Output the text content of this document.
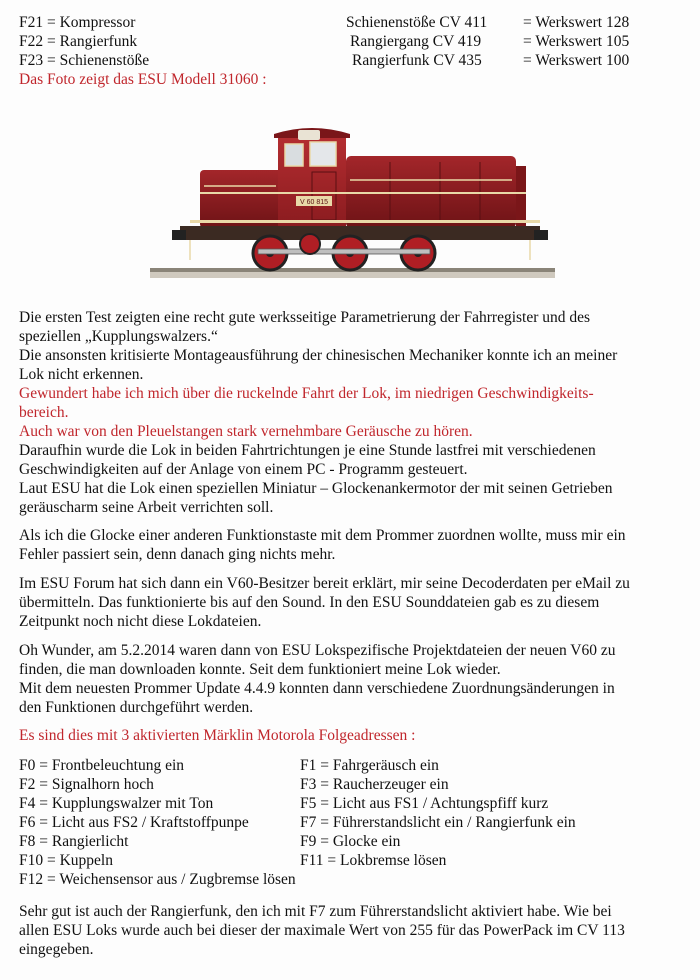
F21 = Kompressor
F22 = Rangierfunk
F23 = Schienenstöße
Schienenstöße CV 411 = Werkswert 128
Rangiergang CV 419	= Werkswert 105
Rangierfunk CV 435	= Werkswert 100
Das Foto zeigt das ESU Modell 31060 :
V 60 815
Die ersten Test zeigten eine recht gute werksseitige Parametrierung der Fahrregister und des
speziellen „Kupplungswalzers.“
Die ansonsten kritisierte Montageausführung der chinesischen Mechaniker konnte ich an meiner
Lok nicht erkennen.
Gewundert habe ich mich über die ruckelnde Fahrt der Lok, im niedrigen Geschwindigkeits-
bereich.
Auch war von den Pleuelstangen stark vernehmbare Geräusche zu hören.
Daraufhin wurde die Lok in beiden Fahrtrichtungen je eine Stunde lastfrei mit verschiedenen
Geschwindigkeiten auf der Anlage von einem PC - Programm gesteuert.
Laut ESU hat die Lok einen speziellen Miniatur – Glockenankermotor der mit seinen Getrieben
geräuscharm seine Arbeit verrichten soll.
Als ich die Glocke einer anderen Funktionstaste mit dem Prommer zuordnen wollte, muss mir ein
Fehler passiert sein, denn danach ging nichts mehr.
Im ESU Forum hat sich dann ein V60-Besitzer bereit erklärt, mir seine Decoderdaten per eMail zu
übermitteln. Das funktionierte bis auf den Sound. In den ESU Sounddateien gab es zu diesem
Zeitpunkt noch nicht diese Lokdateien.
Oh Wunder, am 5.2.2014 waren dann von ESU Lokspezifische Projektdateien der neuen V60 zu
finden, die man downloaden konnte. Seit dem funktioniert meine Lok wieder.
Mit dem neuesten Prommer Update 4.4.9 konnten dann verschiedene Zuordnungsänderungen in
den Funktionen durchgeführt werden.
Es sind dies mit 3 aktivierten Märklin Motorola Folgeadressen :
F0 = Frontbeleuchtung ein
F2 = Signalhorn hoch
F4 = Kupplungswalzer mit Ton
F6 = Licht aus FS2 / Kraftstoffpunpe
F8 = Rangierlicht
F10 = Kuppeln
F12 = Weichensensor aus / Zugbremse lösen
F1 = Fahrgeräusch ein
F3 = Raucherzeuger ein
F5 = Licht aus FS1 / Achtungspfiff kurz
F7 = Führerstandslicht ein / Rangierfunk ein
F9 = Glocke ein
F11 = Lokbremse lösen
Sehr gut ist auch der Rangierfunk, den ich mit F7 zum Führerstandslicht aktiviert habe. Wie bei
allen ESU Loks wurde auch bei dieser der maximale Wert von 255 für das PowerPack im CV 113
eingegeben.
